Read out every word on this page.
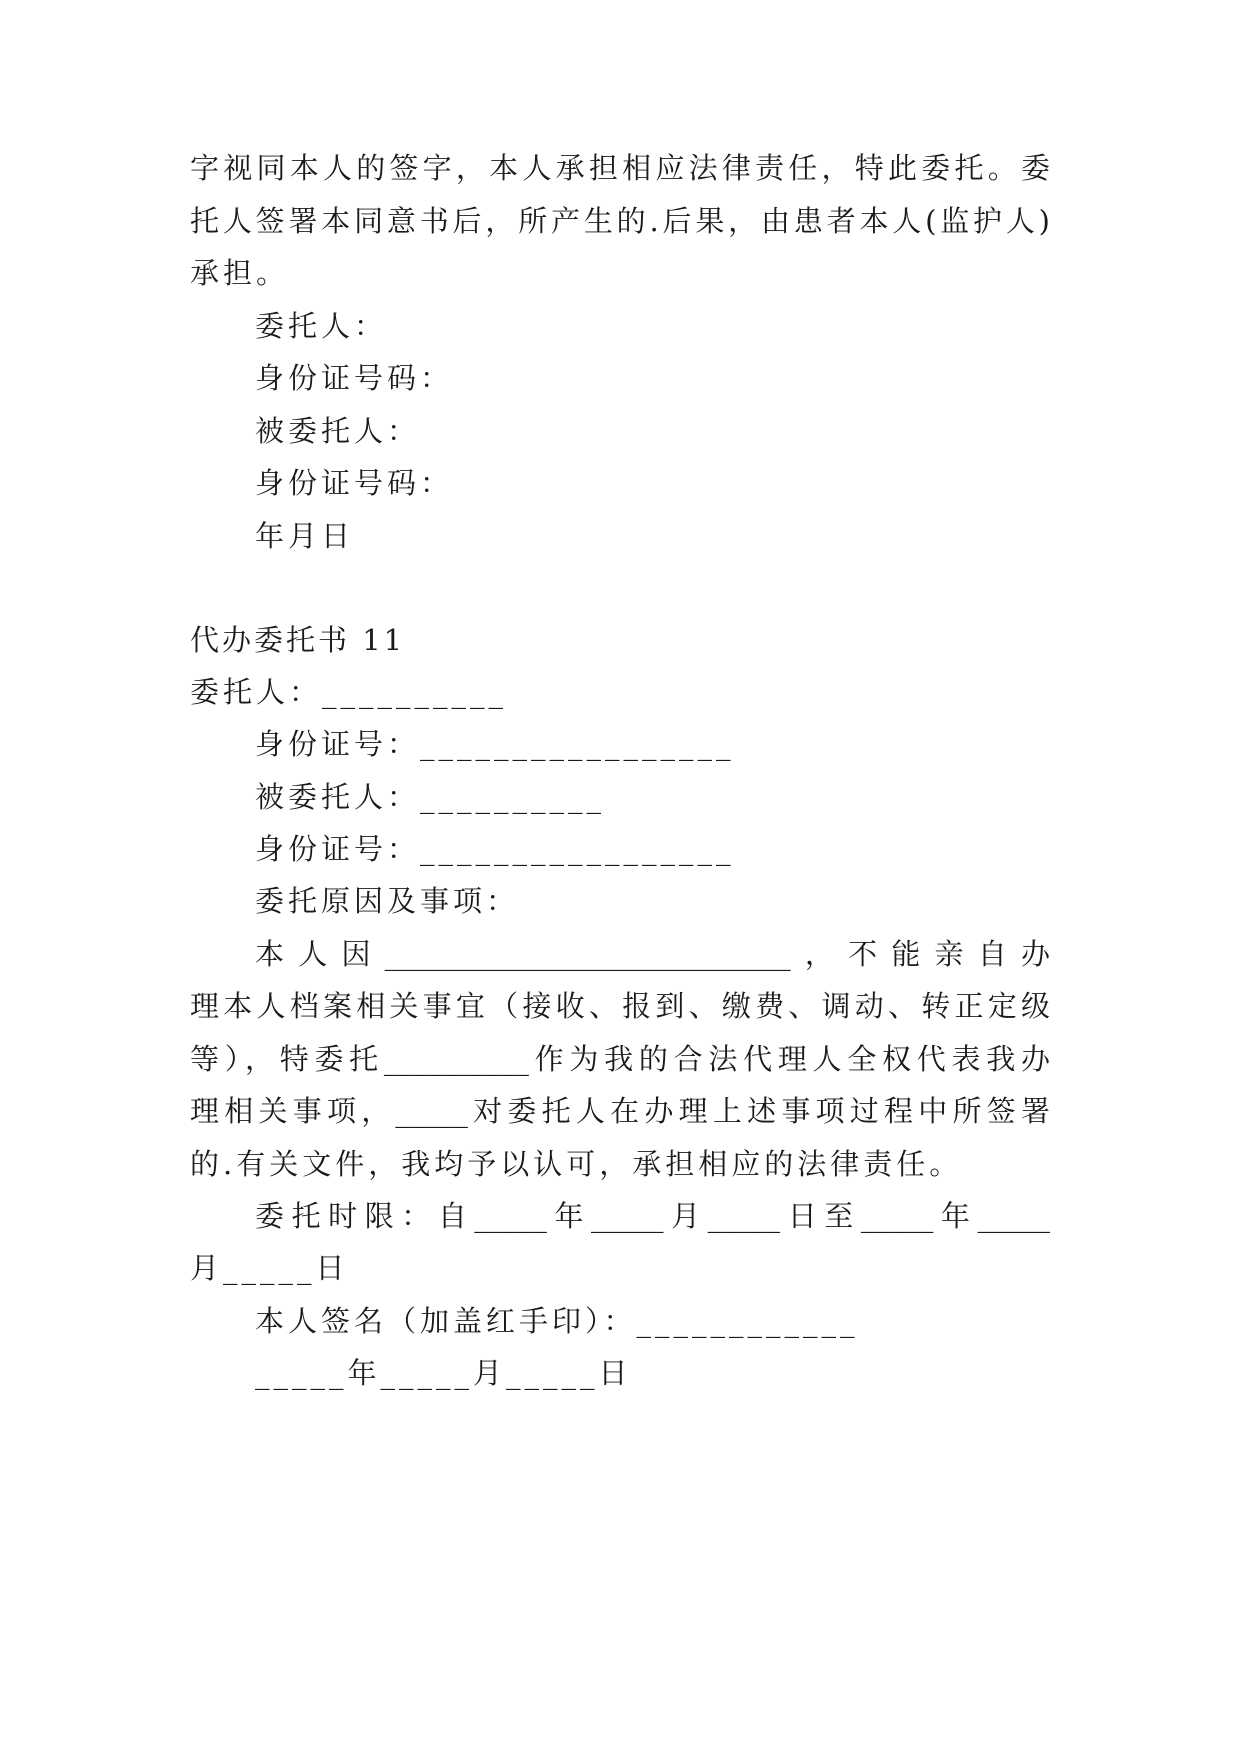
字视同本人的签字，本人承担相应法律责任，特此委托。委
托人签署本同意书后，所产生的.后果，由患者本人(监护人)
承担。
委托人：
身份证号码：
被委托人：
身份证号码：
年月日
代办委托书 11
委托人：__________
身份证号：_________________
被委托人：__________
身份证号：_________________
委托原因及事项：
本人因____________________________，不能亲自办
理本人档案相关事宜（接收、报到、缴费、调动、转正定级
等），特委托__________作为我的合法代理人全权代表我办
理相关事项，_____对委托人在办理上述事项过程中所签署
的.有关文件，我均予以认可，承担相应的法律责任。
委托时限：自_____年_____月_____日至_____年_____
月_____日
本人签名（加盖红手印）：____________
_____年_____月_____日
